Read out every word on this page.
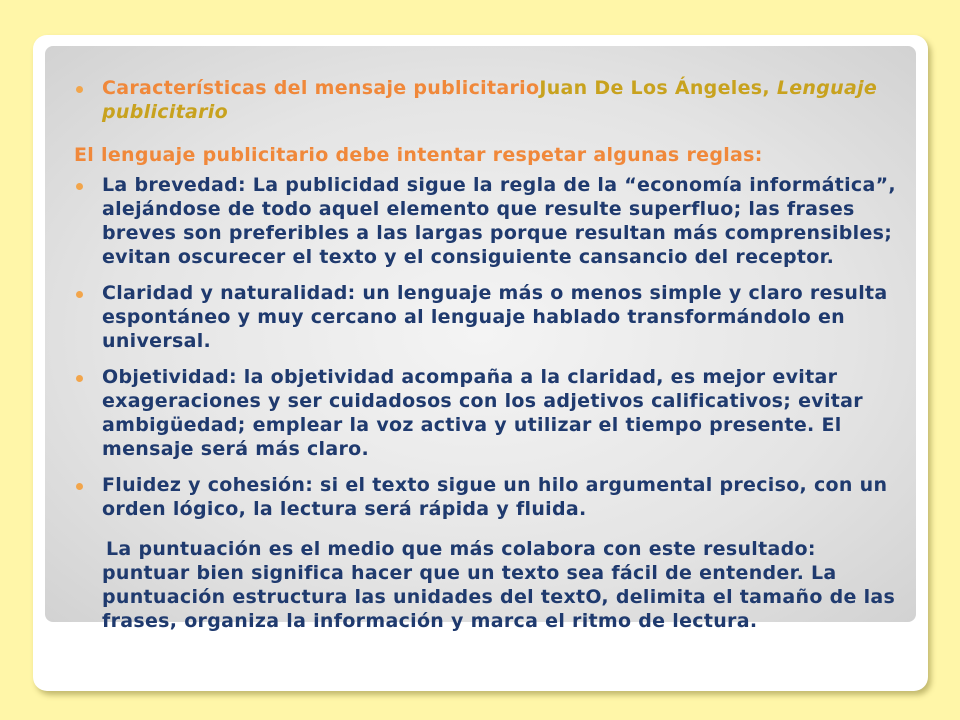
Características del mensaje publicitarioJuan De Los Ángeles, Lenguaje publicitario
El lenguaje publicitario debe intentar respetar algunas reglas:
La brevedad: La publicidad sigue la regla de la “economía informática”, alejándose de todo aquel elemento que resulte superfluo; las frases breves son preferibles a las largas porque resultan más comprensibles; evitan oscurecer el texto y el consiguiente cansancio del receptor.
Claridad y naturalidad: un lenguaje más o menos simple y claro resulta espontáneo y muy cercano al lenguaje hablado transformándolo en universal.
Objetividad: la objetividad acompaña a la claridad, es mejor evitar exageraciones y ser cuidadosos con los adjetivos calificativos; evitar ambigüedad; emplear la voz activa y utilizar el tiempo presente. El mensaje será más claro.
Fluidez y cohesión: si el texto sigue un hilo argumental preciso, con un orden lógico, la lectura será rápida y fluida.
La puntuación es el medio que más colabora con este resultado: puntuar bien significa hacer que un texto sea fácil de entender. La puntuación estructura las unidades del textO, delimita el tamaño de las frases, organiza la información y marca el ritmo de lectura.
